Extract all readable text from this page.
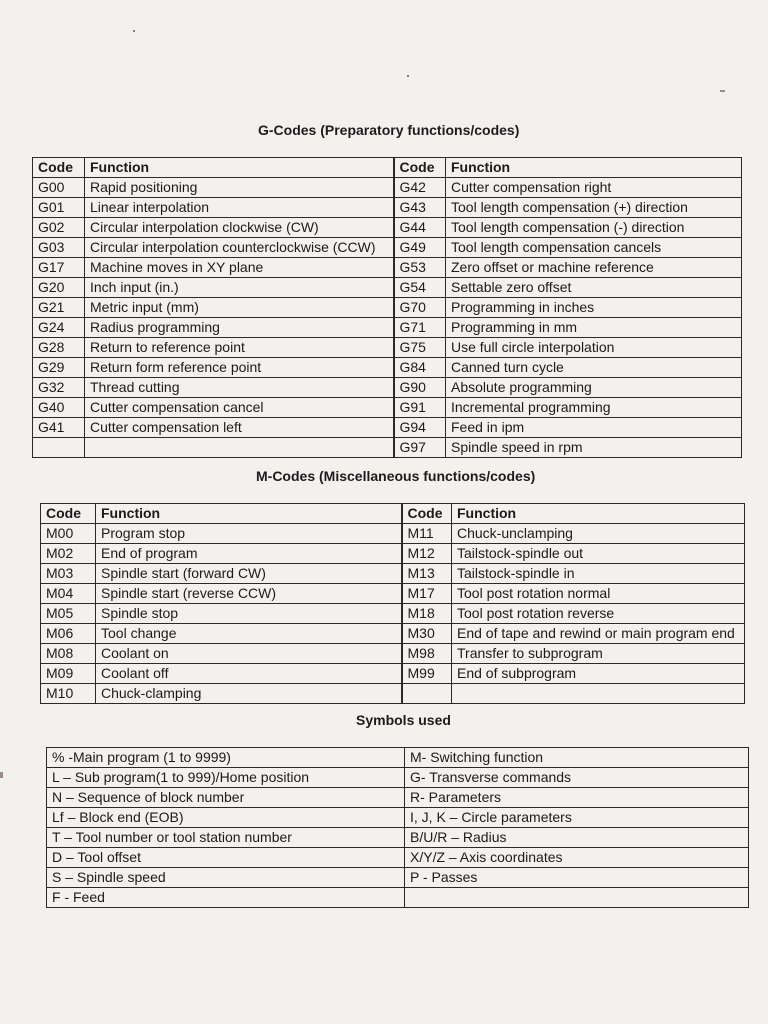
G-Codes (Preparatory functions/codes)
Code	Function	Code	Function
G00	Rapid positioning	G42	Cutter compensation right
G01	Linear interpolation	G43	Tool length compensation (+) direction
G02	Circular interpolation clockwise (CW)	G44	Tool length compensation (-) direction
G03	Circular interpolation counterclockwise (CCW)	G49	Tool length compensation cancels
G17	Machine moves in XY plane	G53	Zero offset or machine reference
G20	Inch input (in.)	G54	Settable zero offset
G21	Metric input (mm)	G70	Programming in inches
G24	Radius programming	G71	Programming in mm
G28	Return to reference point	G75	Use full circle interpolation
G29	Return form reference point	G84	Canned turn cycle
G32	Thread cutting	G90	Absolute programming
G40	Cutter compensation cancel	G91	Incremental programming
G41	Cutter compensation left	G94	Feed in ipm
		G97	Spindle speed in rpm
M-Codes (Miscellaneous functions/codes)
Code	Function	Code	Function
M00	Program stop	M11	Chuck-unclamping
M02	End of program	M12	Tailstock-spindle out
M03	Spindle start (forward CW)	M13	Tailstock-spindle in
M04	Spindle start (reverse CCW)	M17	Tool post rotation normal
M05	Spindle stop	M18	Tool post rotation reverse
M06	Tool change	M30	End of tape and rewind or main program end
M08	Coolant on	M98	Transfer to subprogram
M09	Coolant off	M99	End of subprogram
M10	Chuck-clamping		
Symbols used
% -Main program (1 to 9999)	M- Switching function
L – Sub program(1 to 999)/Home position	G- Transverse commands
N – Sequence of block number	R- Parameters
Lf – Block end (EOB)	I, J, K – Circle parameters
T – Tool number or tool station number	B/U/R – Radius
D – Tool offset	X/Y/Z – Axis coordinates
S – Spindle speed	P - Passes
F - Feed	
